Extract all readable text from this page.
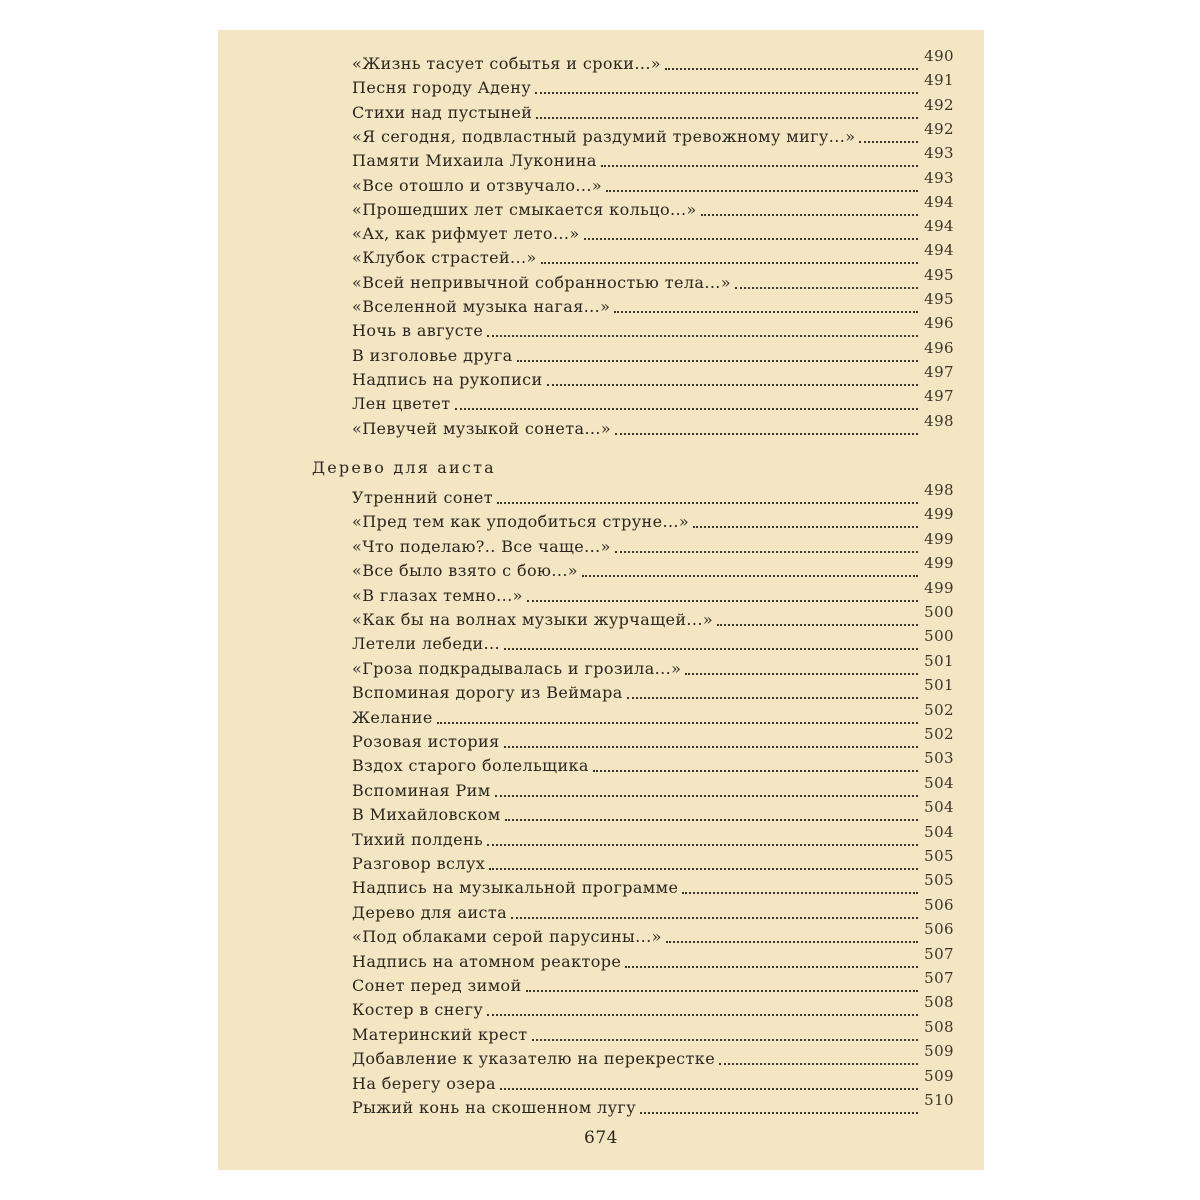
«Жизнь тасует событья и сроки...»	490
Песня городу Адену	491
Стихи над пустыней	492
«Я сегодня, подвластный раздумий тревожному мигу...»	492
Памяти Михаила Луконина	493
«Все отошло и отзвучало...»	493
«Прошедших лет смыкается кольцо...»	494
«Ах, как рифмует лето...»	494
«Клубок страстей...»	494
«Всей непривычной собранностью тела...»	495
«Вселенной музыка нагая...»	495
Ночь в августе	496
В изголовье друга	496
Надпись на рукописи	497
Лен цветет	497
«Певучей музыкой сонета...»	498
Дерево для аиста
Утренний сонет	498
«Пред тем как уподобиться струне...»	499
«Что поделаю?.. Все чаще...»	499
«Все было взято с бою...»	499
«В глазах темно...»	499
«Как бы на волнах музыки журчащей...»	500
Летели лебеди...	500
«Гроза подкрадывалась и грозила...»	501
Вспоминая дорогу из Веймара	501
Желание	502
Розовая история	502
Вздох старого болельщика	503
Вспоминая Рим	504
В Михайловском	504
Тихий полдень	504
Разговор вслух	505
Надпись на музыкальной программе	505
Дерево для аиста	506
«Под облаками серой парусины...»	506
Надпись на атомном реакторе	507
Сонет перед зимой	507
Костер в снегу	508
Материнский крест	508
Добавление к указателю на перекрестке	509
На берегу озера	509
Рыжий конь на скошенном лугу	510
674
